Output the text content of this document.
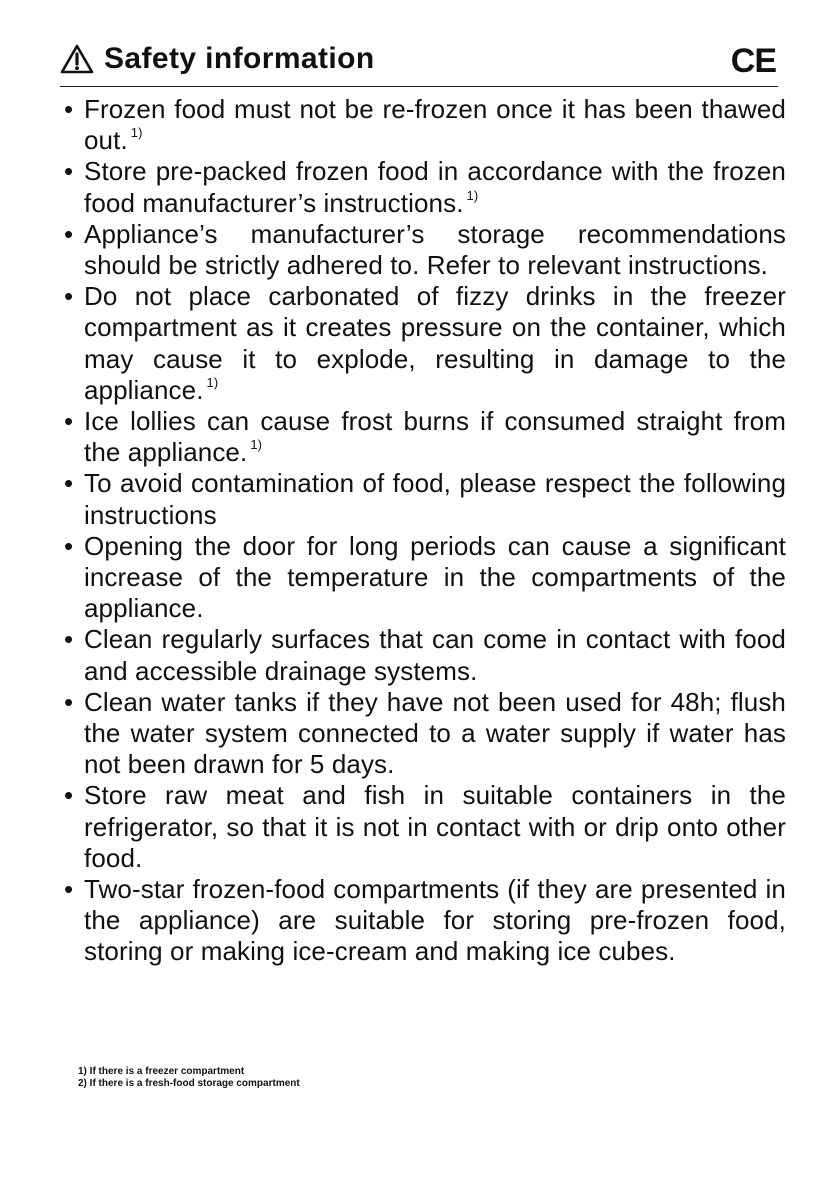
Safety information	CE
• Frozen food must not be re-frozen once it has been thawed out. $^{1)}$
• Store pre-packed frozen food in accordance with the frozen food manufacturer’s instructions. $^{1)}$
• Appliance’s manufacturer’s storage recommendations should be strictly adhered to. Refer to relevant instructions.
• Do not place carbonated of fizzy drinks in the freezer compartment as it creates pressure on the container, which may cause it to explode, resulting in damage to the appliance. $^{1)}$
• Ice lollies can cause frost burns if consumed straight from the appliance. $^{1)}$
• To avoid contamination of food, please respect the following instructions
• Opening the door for long periods can cause a significant increase of the temperature in the compartments of the appliance.
• Clean regularly surfaces that can come in contact with food and accessible drainage systems.
• Clean water tanks if they have not been used for 48h; flush the water system connected to a water supply if water has not been drawn for 5 days.
• Store raw meat and fish in suitable containers in the refrigerator, so that it is not in contact with or drip onto other food.
• Two-star frozen-food compartments (if they are presented in the appliance) are suitable for storing pre-frozen food, storing or making ice-cream and making ice cubes.
1) If there is a freezer compartment
2) If there is a fresh-food storage compartment
